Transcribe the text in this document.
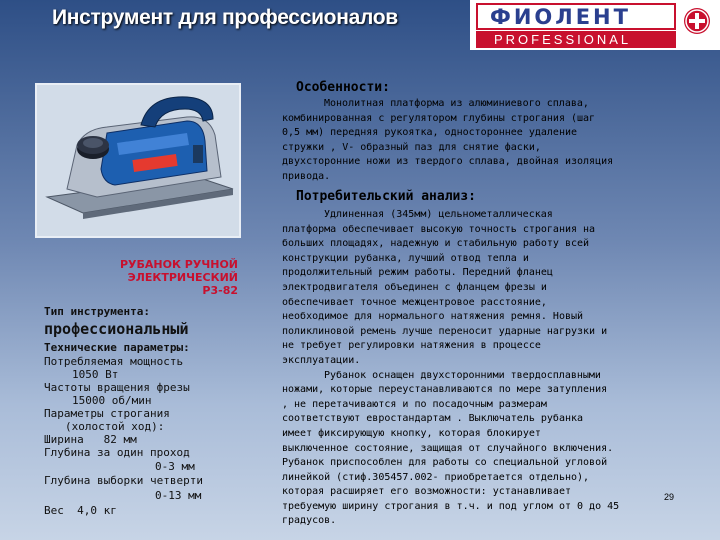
Инструмент для профессионалов	ФИОЛЕНТ
PROFESSIONAL
РУБАНОК РУЧНОЙ
ЭЛЕКТРИЧЕСКИЙ
Р3-82
Тип инструмента:
профессиональный
Технические параметры:
Потребляемая мощность
1050 Вт
Частоты вращения фрезы
15000 об/мин
Параметры строгания
(холостой ход):
Ширина   82 мм
Глубина за один проход
0-3 мм
Глубина выборки четверти
0-13 мм
Вес  4,0 кг
Особенности:
Монолитная платформа из алюминиевого сплава,
комбинированная с регулятором глубины строгания (шаг
0,5 мм) передняя рукоятка, одностороннее удаление
стружки , V- образный паз для снятие фаски,
двухсторонние ножи из твердого сплава, двойная изоляция
привода.
Потребительский анализ:
Удлиненная (345мм) цельнометаллическая
платформа обеспечивает высокую точность строгания на
больших площадях, надежную и стабильную работу всей
конструкции рубанка, лучший отвод тепла и
продолжительный режим работы. Передний фланец
электродвигателя объединен с фланцем фрезы и
обеспечивает точное межцентровое расстояние,
необходимое для нормального натяжения ремня. Новый
поликлиновой ремень лучше переносит ударные нагрузки и
не требует регулировки натяжения в процессе
эксплуатации.
Рубанок оснащен двухсторонними твердосплавными
ножами, которые переустанавливаются по мере затупления
, не перетачиваются и по посадочным размерам
соответствуют евростандартам . Выключатель рубанка
имеет фиксирующую кнопку, которая блокирует
выключенное состояние, защищая от случайного включения.
Рубанок приспособлен для работы со специальной угловой
линейкой (стиф.305457.002- приобретается отдельно),
которая расширяет его возможности: устанавливает
требуемую ширину строгания в т.ч. и под углом от 0 до 45
градусов.
29
